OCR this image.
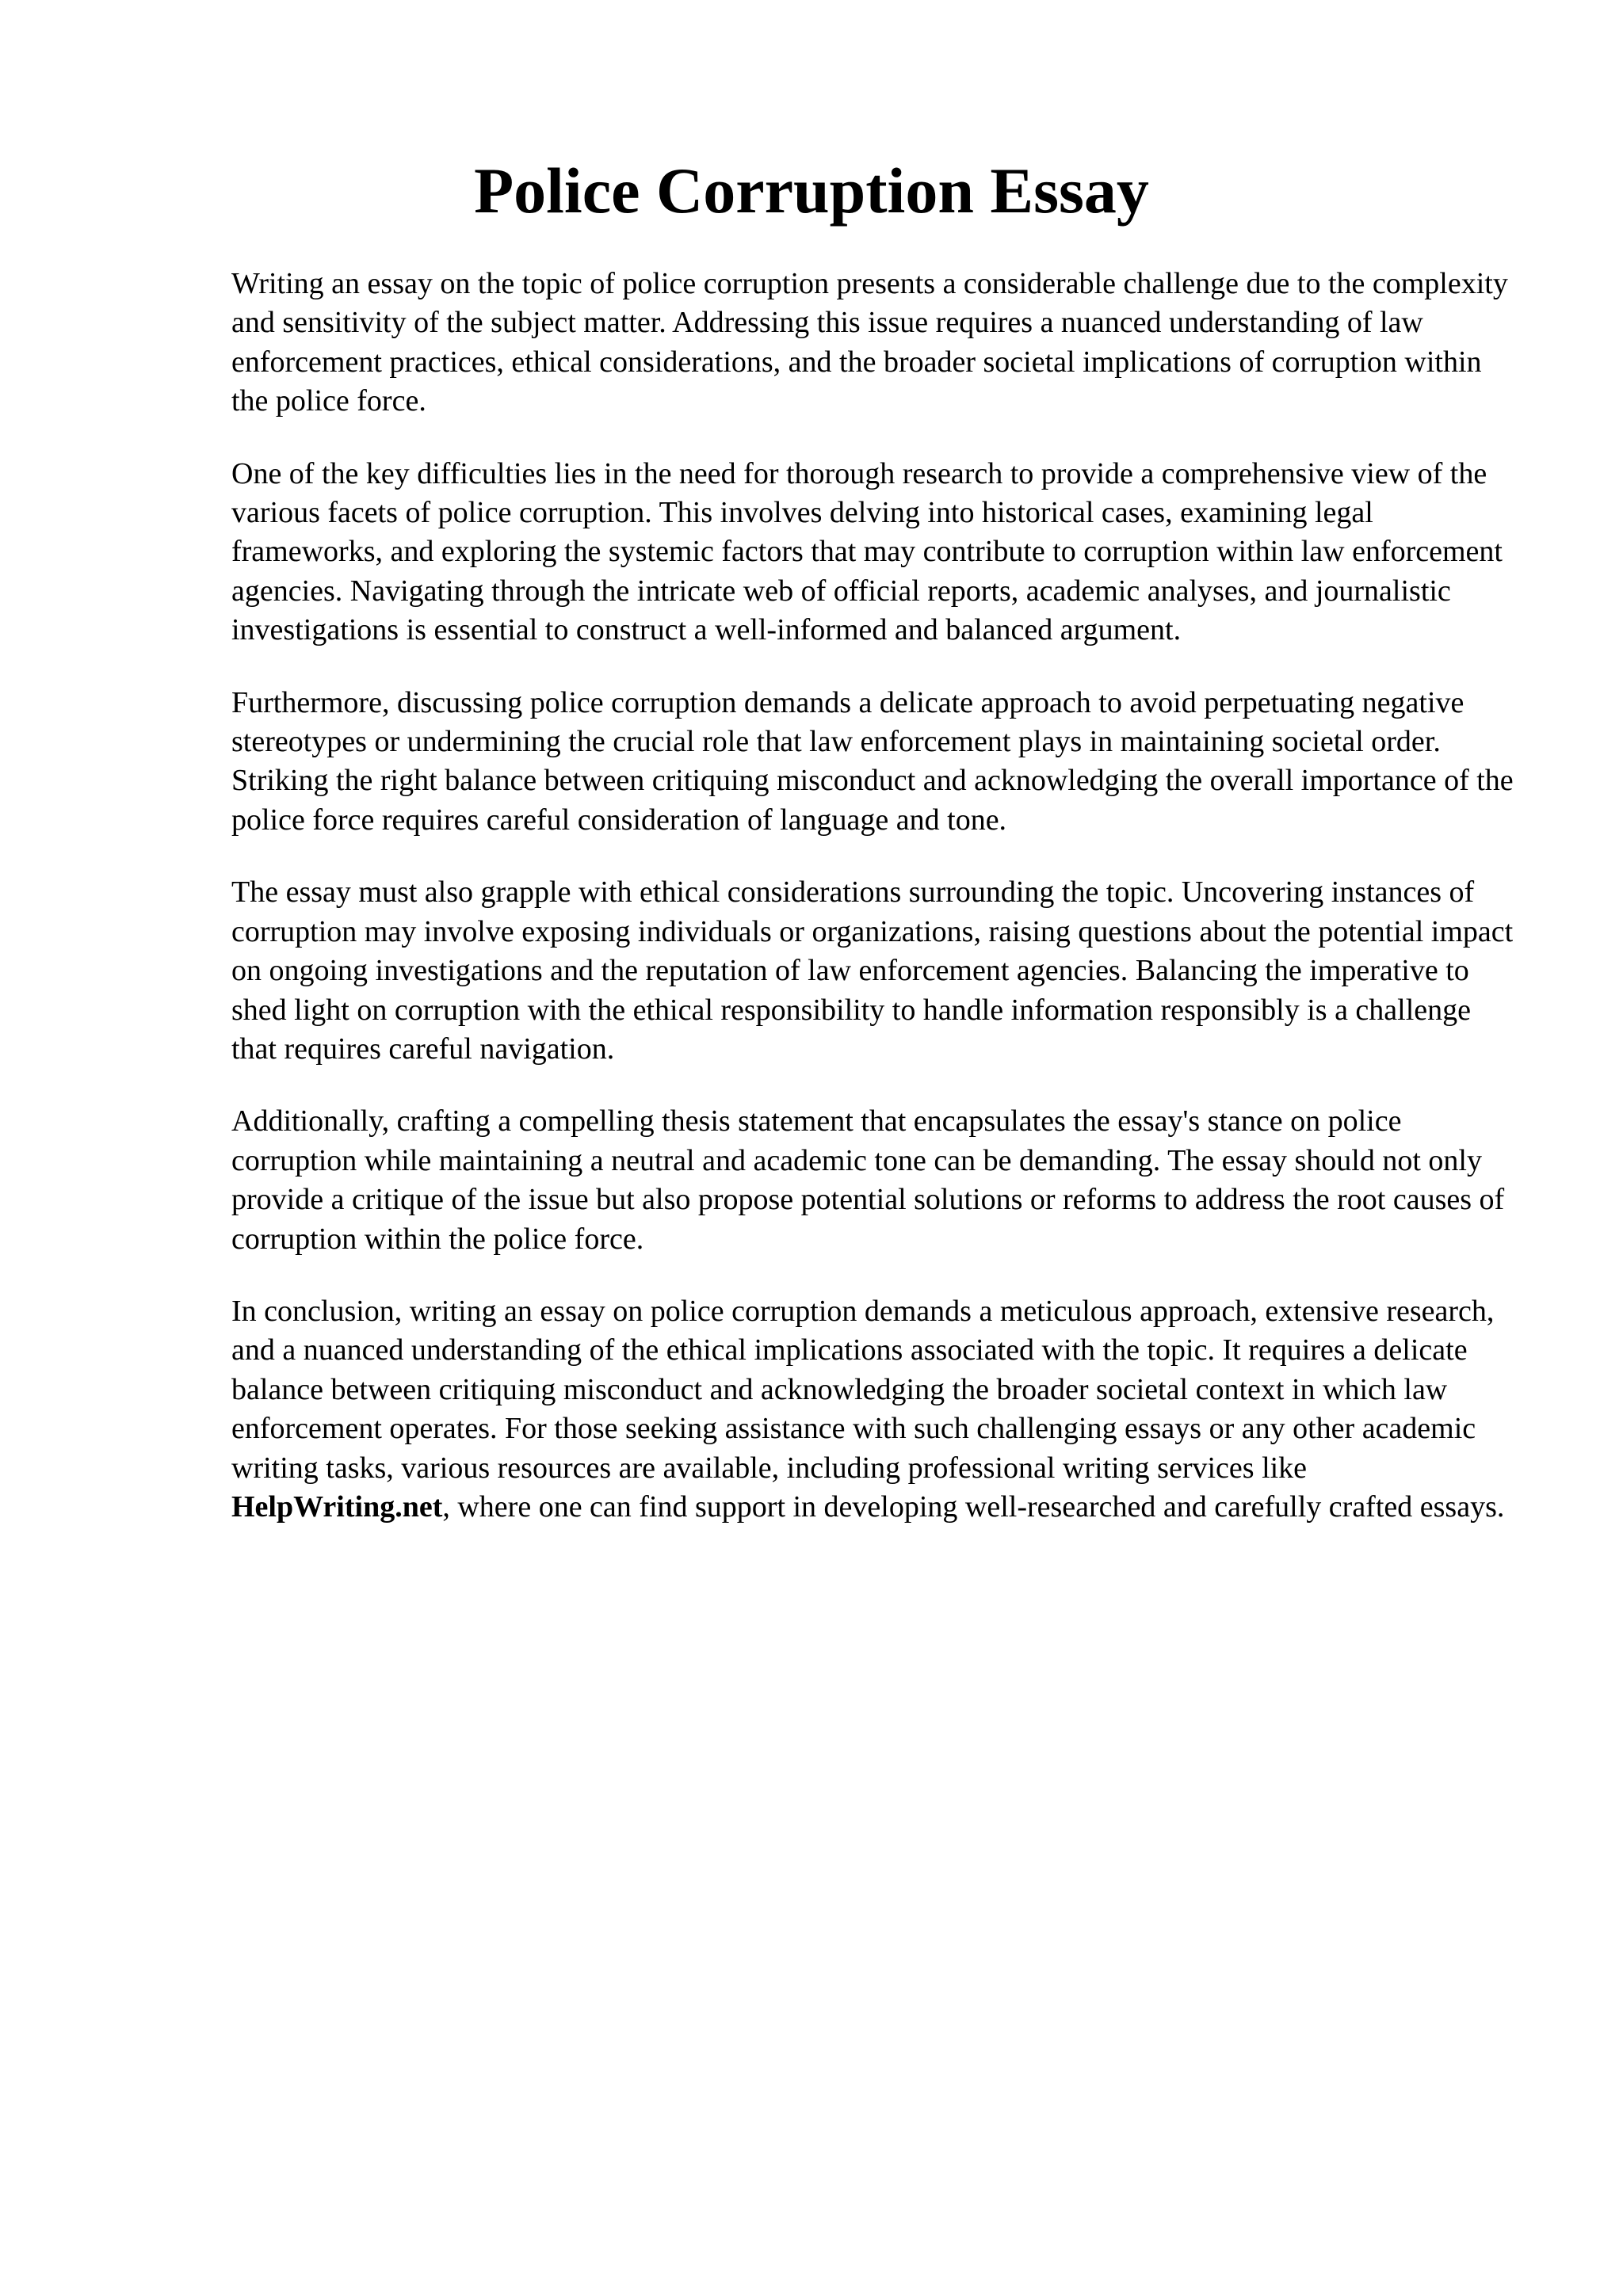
Police Corruption Essay

Writing an essay on the topic of police corruption presents a considerable challenge due to the complexity and sensitivity of the subject matter. Addressing this issue requires a nuanced understanding of law enforcement practices, ethical considerations, and the broader societal implications of corruption within the police force.

One of the key difficulties lies in the need for thorough research to provide a comprehensive view of the various facets of police corruption. This involves delving into historical cases, examining legal frameworks, and exploring the systemic factors that may contribute to corruption within law enforcement agencies. Navigating through the intricate web of official reports, academic analyses, and journalistic investigations is essential to construct a well-informed and balanced argument.

Furthermore, discussing police corruption demands a delicate approach to avoid perpetuating negative stereotypes or undermining the crucial role that law enforcement plays in maintaining societal order. Striking the right balance between critiquing misconduct and acknowledging the overall importance of the police force requires careful consideration of language and tone.

The essay must also grapple with ethical considerations surrounding the topic. Uncovering instances of corruption may involve exposing individuals or organizations, raising questions about the potential impact on ongoing investigations and the reputation of law enforcement agencies. Balancing the imperative to shed light on corruption with the ethical responsibility to handle information responsibly is a challenge that requires careful navigation.

Additionally, crafting a compelling thesis statement that encapsulates the essay's stance on police corruption while maintaining a neutral and academic tone can be demanding. The essay should not only provide a critique of the issue but also propose potential solutions or reforms to address the root causes of corruption within the police force.

In conclusion, writing an essay on police corruption demands a meticulous approach, extensive research, and a nuanced understanding of the ethical implications associated with the topic. It requires a delicate balance between critiquing misconduct and acknowledging the broader societal context in which law enforcement operates. For those seeking assistance with such challenging essays or any other academic writing tasks, various resources are available, including professional writing services like HelpWriting.net, where one can find support in developing well-researched and carefully crafted essays.
